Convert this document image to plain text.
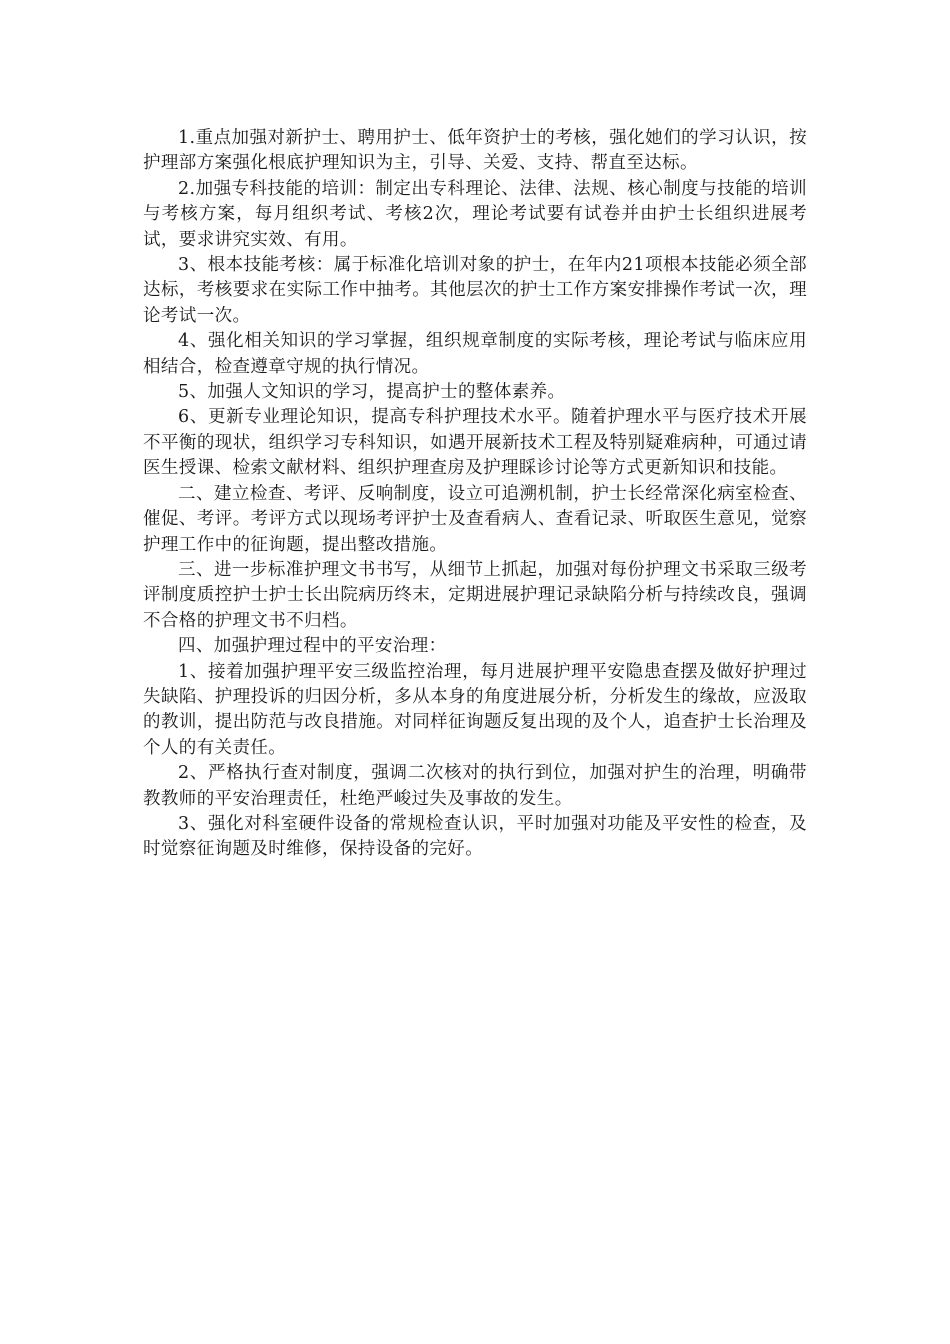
1.重点加强对新护士、聘用护士、低年资护士的考核，强化她们的学习认识，按护理部方案强化根底护理知识为主，引导、关爱、支持、帮直至达标。

2.加强专科技能的培训：制定出专科理论、法律、法规、核心制度与技能的培训与考核方案，每月组织考试、考核2次，理论考试要有试卷并由护士长组织进展考试，要求讲究实效、有用。

3、根本技能考核：属于标准化培训对象的护士，在年内21项根本技能必须全部达标，考核要求在实际工作中抽考。其他层次的护士工作方案安排操作考试一次，理论考试一次。

4、强化相关知识的学习掌握，组织规章制度的实际考核，理论考试与临床应用相结合，检查遵章守规的执行情况。

5、加强人文知识的学习，提高护士的整体素养。

6、更新专业理论知识，提高专科护理技术水平。随着护理水平与医疗技术开展不平衡的现状，组织学习专科知识，如遇开展新技术工程及特别疑难病种，可通过请医生授课、检索文献材料、组织护理查房及护理睬诊讨论等方式更新知识和技能。

二、建立检查、考评、反响制度，设立可追溯机制，护士长经常深化病室检查、催促、考评。考评方式以现场考评护士及查看病人、查看记录、听取医生意见，觉察护理工作中的征询题，提出整改措施。

三、进一步标准护理文书书写，从细节上抓起，加强对每份护理文书采取三级考评制度质控护士护士长出院病历终末，定期进展护理记录缺陷分析与持续改良，强调不合格的护理文书不归档。

四、加强护理过程中的平安治理：

1、接着加强护理平安三级监控治理，每月进展护理平安隐患查摆及做好护理过失缺陷、护理投诉的归因分析，多从本身的角度进展分析，分析发生的缘故，应汲取的教训，提出防范与改良措施。对同样征询题反复出现的及个人，追查护士长治理及个人的有关责任。

2、严格执行查对制度，强调二次核对的执行到位，加强对护生的治理，明确带教教师的平安治理责任，杜绝严峻过失及事故的发生。

3、强化对科室硬件设备的常规检查认识，平时加强对功能及平安性的检查，及时觉察征询题及时维修，保持设备的完好。
